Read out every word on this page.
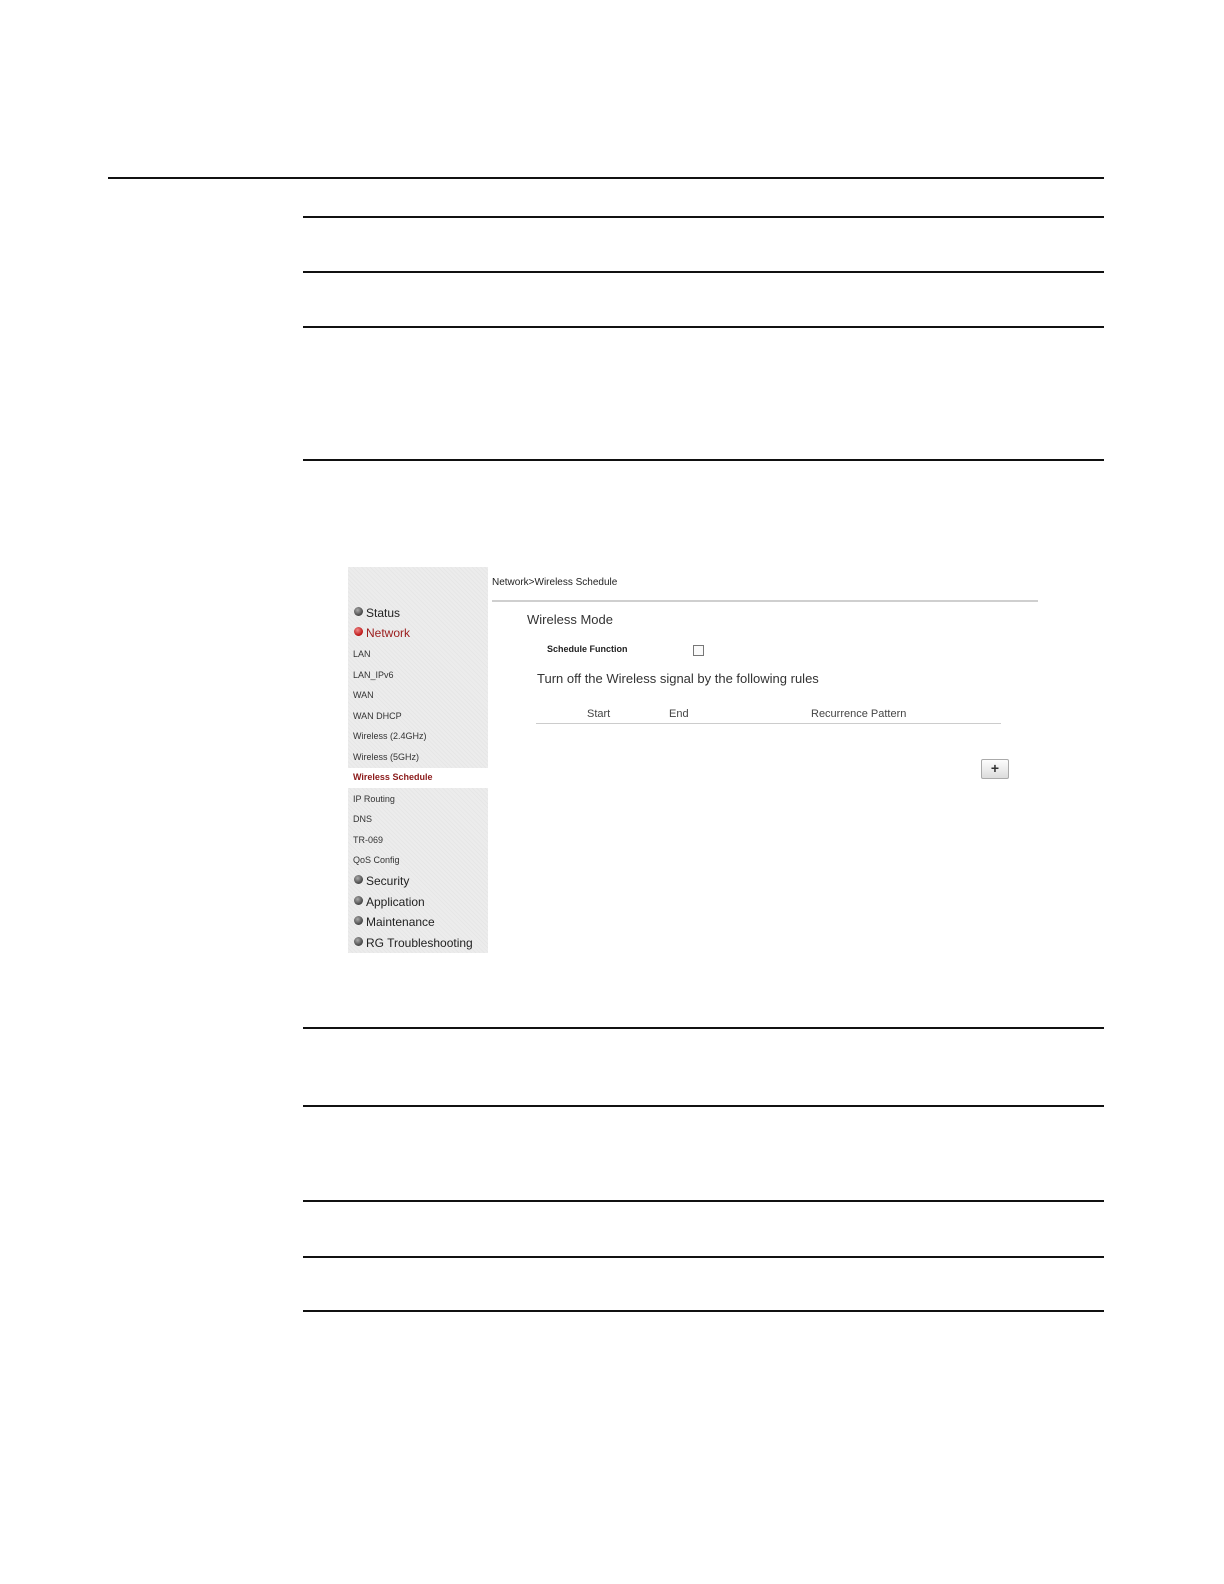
Status
Network
LAN
LAN_IPv6
WAN
WAN DHCP
Wireless (2.4GHz)
Wireless (5GHz)
Wireless Schedule
IP Routing
DNS
TR-069
QoS Config
Security
Application
Maintenance
RG Troubleshooting
Network>Wireless Schedule
Wireless Mode
Schedule Function
Turn off the Wireless signal by the following rules
Start	End	Recurrence Pattern
+
